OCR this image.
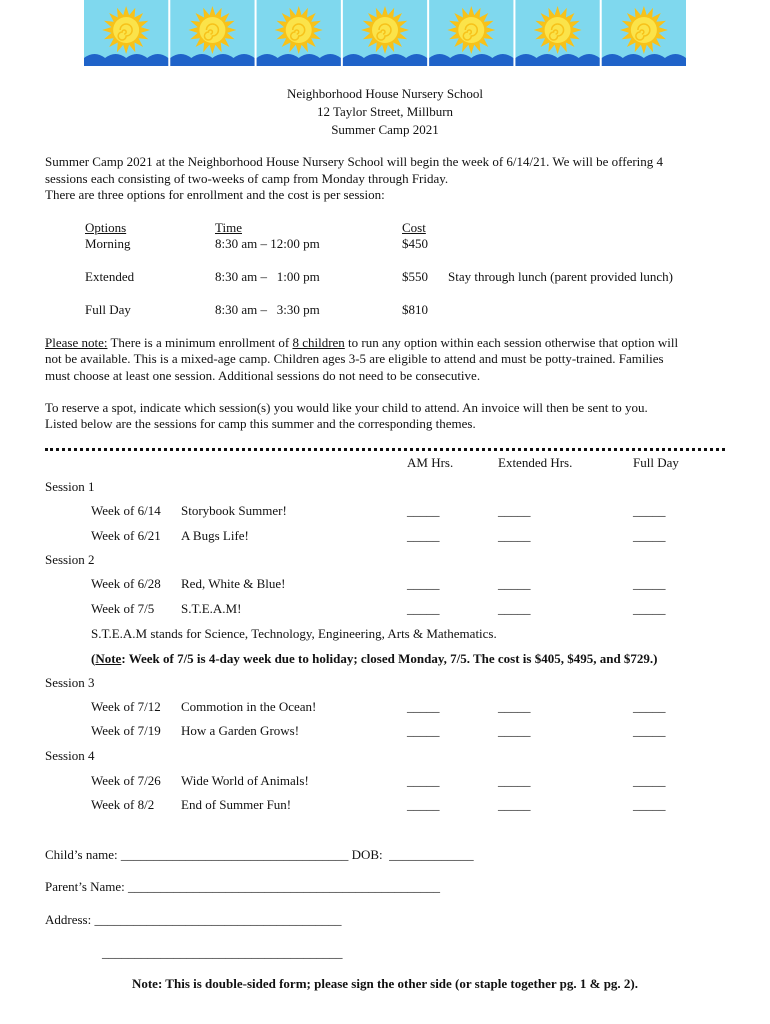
Neighborhood House Nursery School
12 Taylor Street, Millburn
Summer Camp 2021
Summer Camp 2021 at the Neighborhood House Nursery School will begin the week of 6/14/21. We will be offering 4
sessions each consisting of two-weeks of camp from Monday through Friday.
There are three options for enrollment and the cost is per session:
Options	Time	Cost
Morning	8:30 am – 12:00 pm	$450
Extended	8:30 am –   1:00 pm	$550 Stay through lunch (parent provided lunch)
Full Day	8:30 am –   3:30 pm	$810
Please note: There is a minimum enrollment of 8 children to run any option within each session otherwise that option will
not be available. This is a mixed-age camp. Children ages 3-5 are eligible to attend and must be potty-trained. Families
must choose at least one session. Additional sessions do not need to be consecutive.
To reserve a spot, indicate which session(s) you would like your child to attend. An invoice will then be sent to you.
Listed below are the sessions for camp this summer and the corresponding themes.
AM Hrs.	Extended Hrs.	Full Day
Session 1
Week of 6/14 Storybook Summer!	_____	_____	_____
Week of 6/21 A Bugs Life!	_____	_____	_____
Session 2
Week of 6/28 Red, White & Blue!	_____	_____	_____
Week of 7/5 S.T.E.A.M!	_____	_____	_____
S.T.E.A.M stands for Science, Technology, Engineering, Arts & Mathematics.
(Note: Week of 7/5 is 4-day week due to holiday; closed Monday, 7/5. The cost is $405, $495, and $729.)
Session 3
Week of 7/12 Commotion in the Ocean!	_____	_____	_____
Week of 7/19 How a Garden Grows!	_____	_____	_____
Session 4
Week of 7/26 Wide World of Animals!	_____	_____	_____
Week of 8/2 End of Summer Fun!	_____	_____	_____
Child’s name: ___________________________________ DOB:  _____________
Parent’s Name: ________________________________________________
Address: ______________________________________
_____________________________________
Note: This is double-sided form; please sign the other side (or staple together pg. 1 & pg. 2).
